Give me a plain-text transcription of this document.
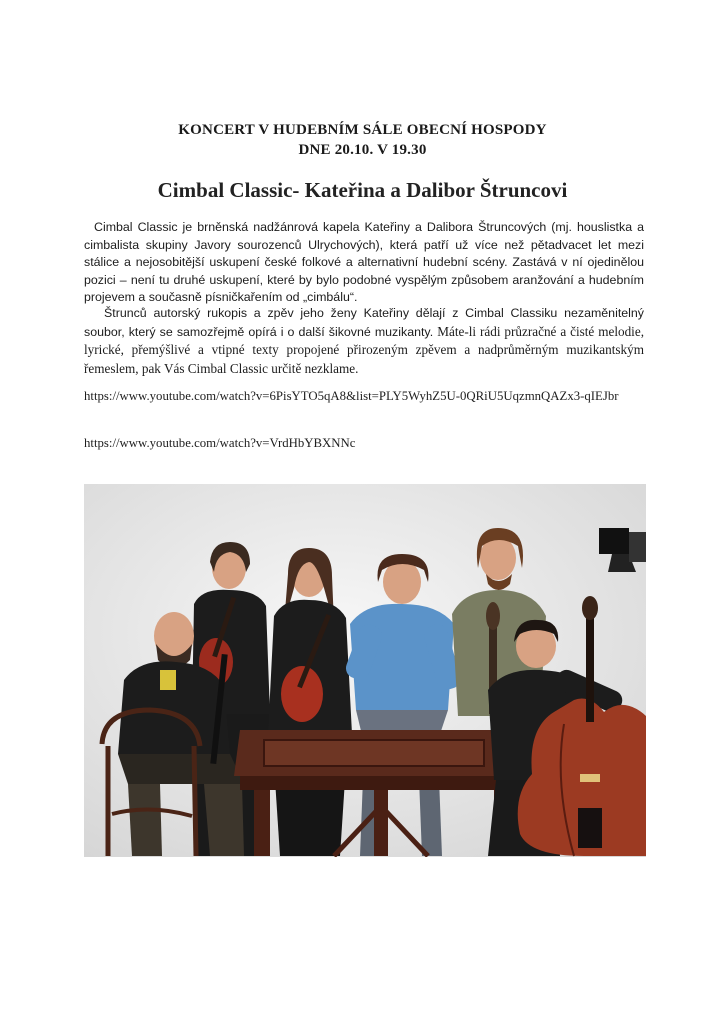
KONCERT V HUDEBNÍM SÁLE OBECNÍ HOSPODY
DNE 20.10. V 19.30
Cimbal Classic- Kateřina a Dalibor Štruncovi
Cimbal Classic je brněnská nadžánrová kapela Kateřiny a Dalibora Štruncových (mj. houslistka a cimbalista skupiny Javory sourozenců Ulrychových), která patří už více než pětadvacet let mezi stálice a nejosobitější uskupení české folkové a alternativní hudební scény. Zastává v ní ojedinělou pozici – není tu druhé uskupení, které by bylo podobné vyspělým způsobem aranžování a hudebním projevem a současně písničkařením od „cimbálu“.
Štrunců autorský rukopis a zpěv jeho ženy Kateřiny dělají z Cimbal Classiku nezaměnitelný soubor, který se samozřejmě opírá i o další šikovné muzikanty. Máte-li rádi průzračné a čisté melodie, lyrické, přemýšlivé a vtipné texty propojené přirozeným zpěvem a nadprůměrným muzikantským řemeslem, pak Vás Cimbal Classic určitě nezklame.
https://www.youtube.com/watch?v=6PisYTO5qA8&list=PLY5WyhZ5U-0QRiU5UqzmnQAZx3-qIEJbr
https://www.youtube.com/watch?v=VrdHbYBXNNc
